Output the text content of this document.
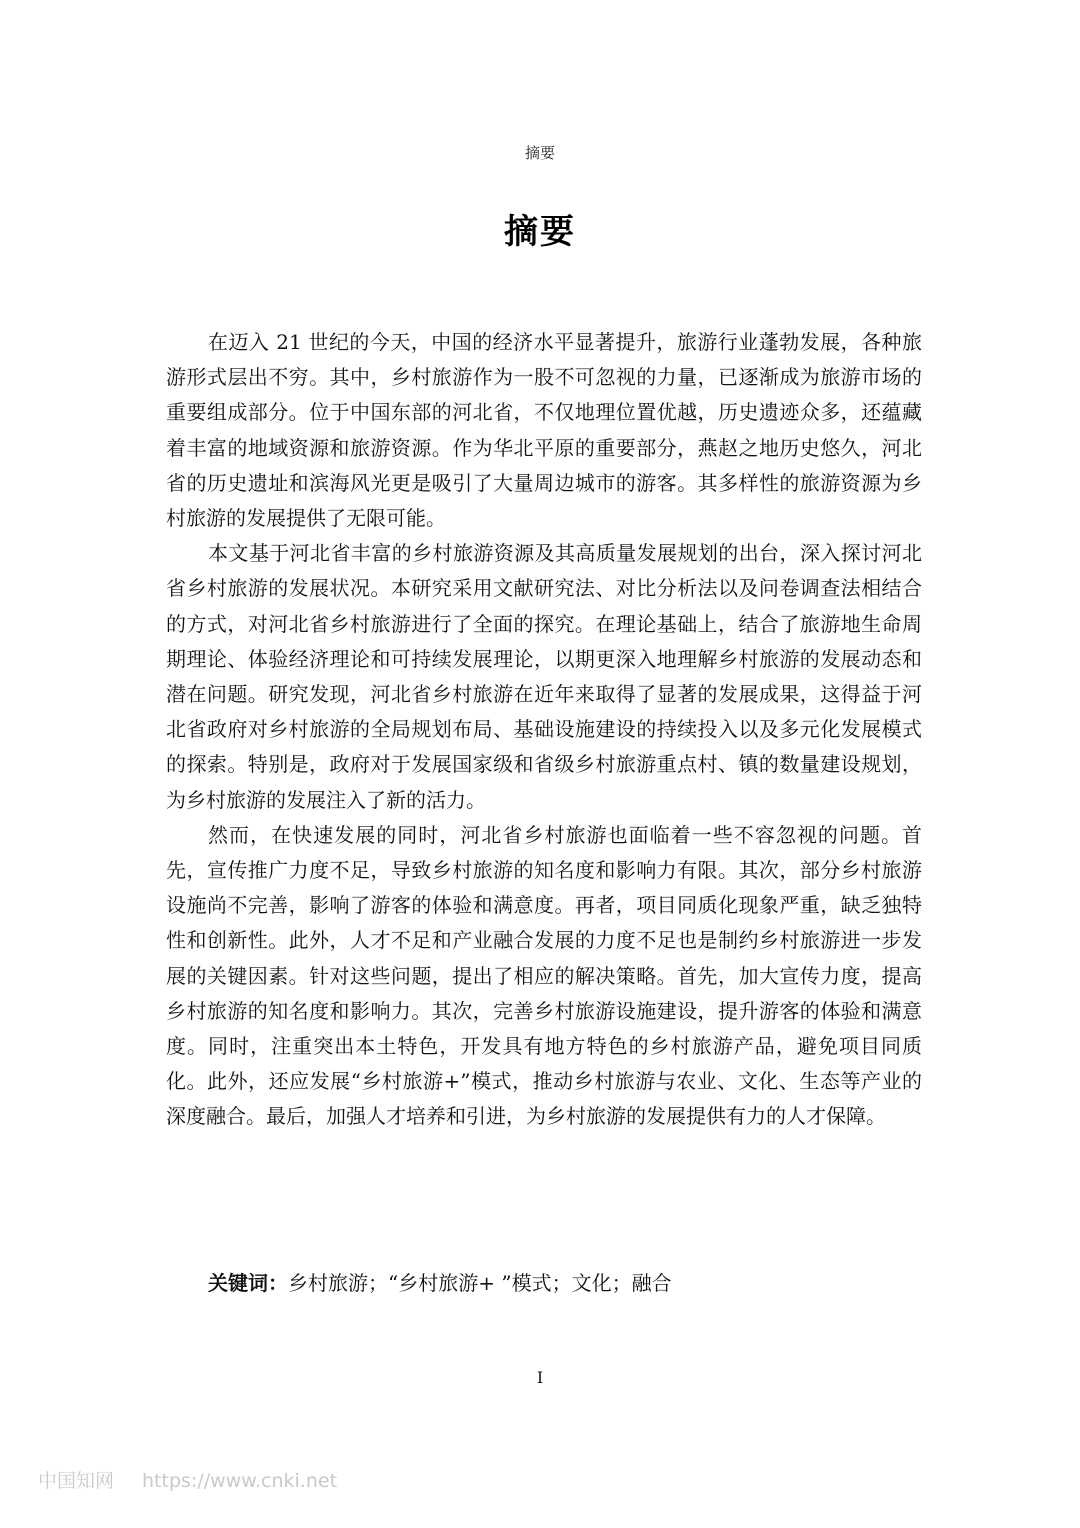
摘要
摘要

在迈入 21 世纪的今天，中国的经济水平显著提升，旅游行业蓬勃发展，各种旅游形式层出不穷。其中，乡村旅游作为一股不可忽视的力量，已逐渐成为旅游市场的重要组成部分。位于中国东部的河北省，不仅地理位置优越，历史遗迹众多，还蕴藏着丰富的地域资源和旅游资源。作为华北平原的重要部分，燕赵之地历史悠久，河北省的历史遗址和滨海风光更是吸引了大量周边城市的游客。其多样性的旅游资源为乡村旅游的发展提供了无限可能。

本文基于河北省丰富的乡村旅游资源及其高质量发展规划的出台，深入探讨河北省乡村旅游的发展状况。本研究采用文献研究法、对比分析法以及问卷调查法相结合的方式，对河北省乡村旅游进行了全面的探究。在理论基础上，结合了旅游地生命周期理论、体验经济理论和可持续发展理论，以期更深入地理解乡村旅游的发展动态和潜在问题。研究发现，河北省乡村旅游在近年来取得了显著的发展成果，这得益于河北省政府对乡村旅游的全局规划布局、基础设施建设的持续投入以及多元化发展模式的探索。特别是，政府对于发展国家级和省级乡村旅游重点村、镇的数量建设规划，为乡村旅游的发展注入了新的活力。

然而，在快速发展的同时，河北省乡村旅游也面临着一些不容忽视的问题。首先，宣传推广力度不足，导致乡村旅游的知名度和影响力有限。其次，部分乡村旅游设施尚不完善，影响了游客的体验和满意度。再者，项目同质化现象严重，缺乏独特性和创新性。此外，人才不足和产业融合发展的力度不足也是制约乡村旅游进一步发展的关键因素。针对这些问题，提出了相应的解决策略。首先，加大宣传力度，提高乡村旅游的知名度和影响力。其次，完善乡村旅游设施建设，提升游客的体验和满意度。同时，注重突出本土特色，开发具有地方特色的乡村旅游产品，避免项目同质化。此外，还应发展“乡村旅游+”模式，推动乡村旅游与农业、文化、生态等产业的深度融合。最后，加强人才培养和引进，为乡村旅游的发展提供有力的人才保障。

关键词：乡村旅游；“乡村旅游+ ”模式；文化；融合
I
中国知网 https://www.cnki.net
